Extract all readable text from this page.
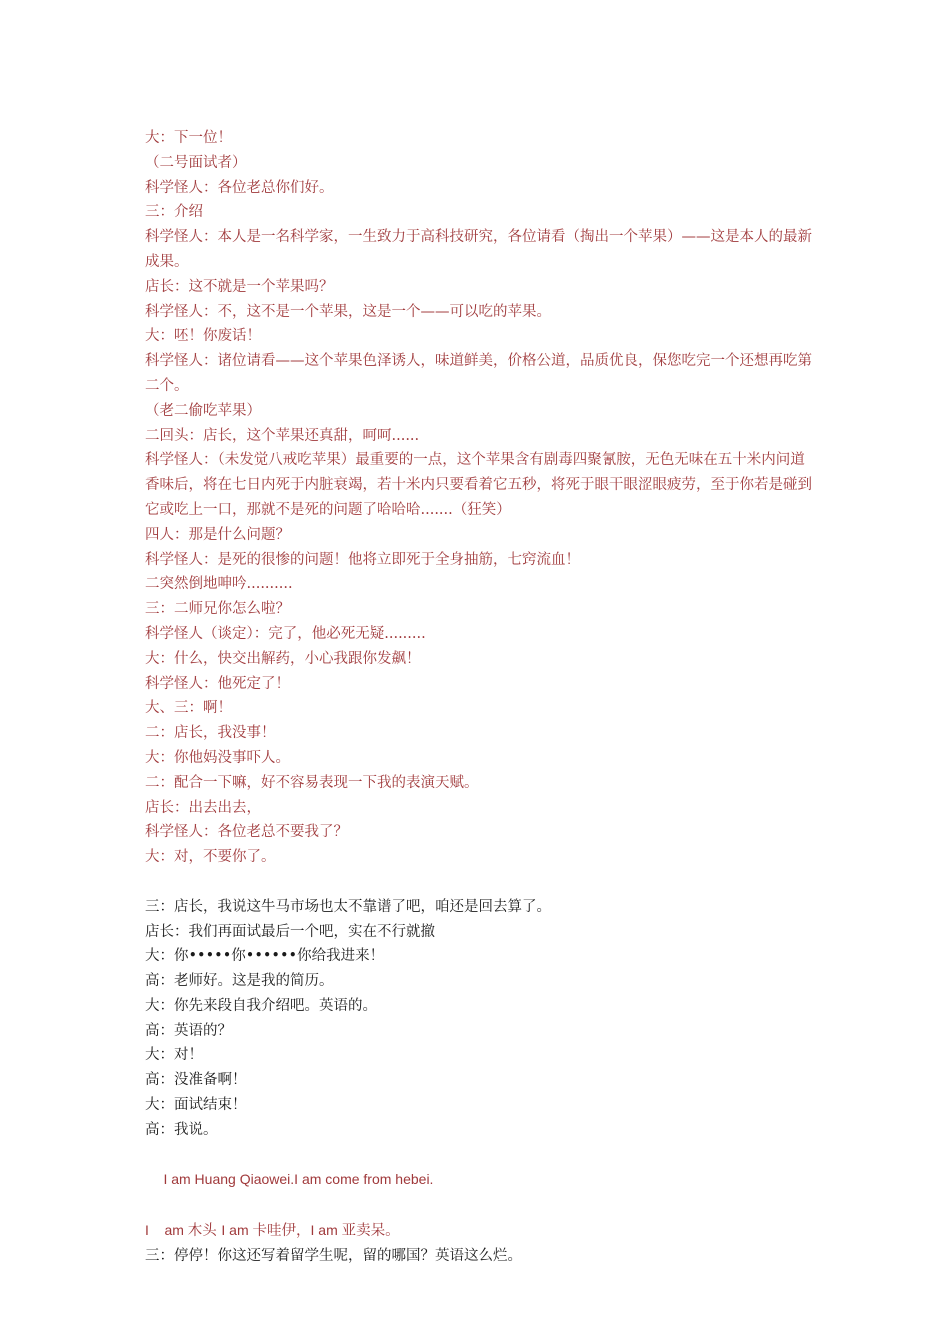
大：下一位！

（二号面试者）

科学怪人：各位老总你们好。

三：介绍

科学怪人：本人是一名科学家，一生致力于高科技研究，各位请看（掏出一个苹果）——这是本人的最新成果。

店长：这不就是一个苹果吗？

科学怪人：不，这不是一个苹果，这是一个——可以吃的苹果。

大：呸！你废话！

科学怪人：诸位请看——这个苹果色泽诱人，味道鲜美，价格公道，品质优良，保您吃完一个还想再吃第二个。

（老二偷吃苹果）

二回头：店长，这个苹果还真甜，呵呵......

科学怪人：（未发觉八戒吃苹果）最重要的一点，这个苹果含有剧毒四聚氰胺，无色无味在五十米内问道香味后，将在七日内死于内脏衰竭，若十米内只要看着它五秒，将死于眼干眼涩眼疲劳，至于你若是碰到它或吃上一口，那就不是死的问题了哈哈哈.......（狂笑）

四人：那是什么问题？

科学怪人：是死的很惨的问题！他将立即死于全身抽筋，七窍流血！

二突然倒地呻吟..........

三：二师兄你怎么啦？

科学怪人（谈定）：完了，他必死无疑.........

大：什么，快交出解药，小心我跟你发飙！

科学怪人：他死定了！

大、三：啊！

二：店长，我没事！

大：你他妈没事吓人。

二：配合一下嘛，好不容易表现一下我的表演天赋。

店长：出去出去，

科学怪人：各位老总不要我了？

大：对，不要你了。

三：店长，我说这牛马市场也太不靠谱了吧，咱还是回去算了。

店长：我们再面试最后一个吧，实在不行就撤

大：你•••••你••••••你给我进来！

高：老师好。这是我的简历。

大：你先来段自我介绍吧。英语的。

高：英语的？

大：对！

高：没准备啊！

大：面试结束！

高：我说。

I am Huang Qiaowei.I am come from hebei.

I    am 木头 I am 卡哇伊，I am 亚卖呆。

三：停停！你这还写着留学生呢，留的哪国？英语这么烂。
